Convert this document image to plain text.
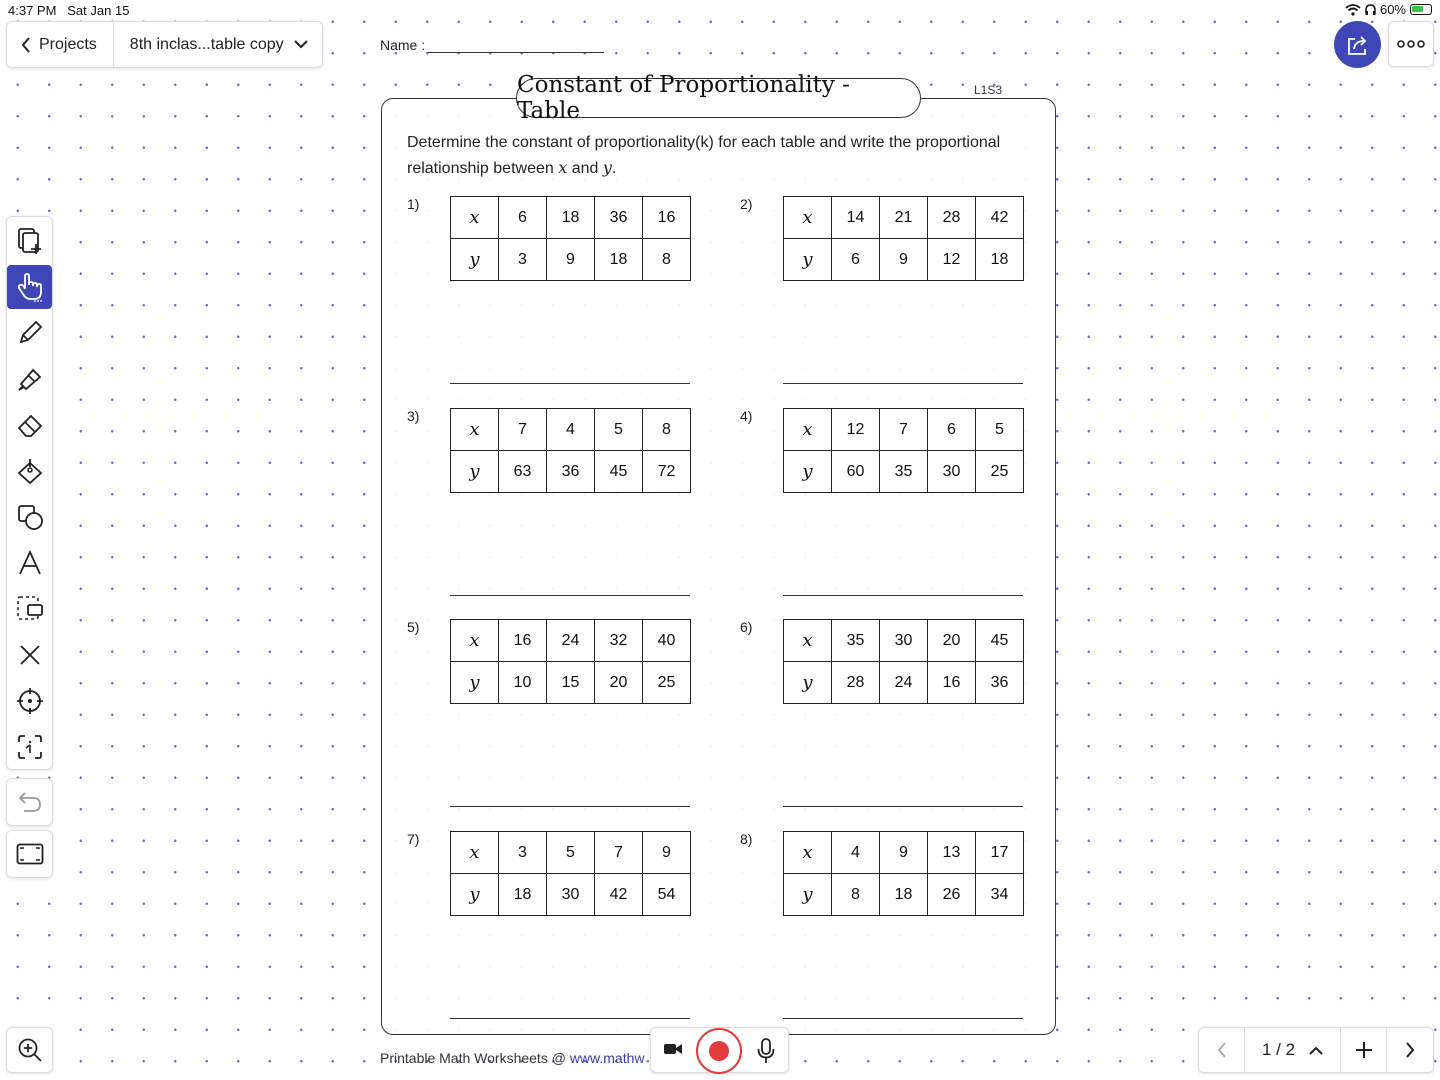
4:37 PM Sat Jan 15	60%
Projects 8th inclas...table copy	Name :
Constant of Proportionality - Table
L1S3
Determine the constant of proportionality(k) for each table and write the proportional relationship between x and y.
1)
x	6	18	36	16
y	3	9	18	8
2)
x	14	21	28	42
y	6	9	12	18
3)
x	7	4	5	8
y	63	36	45	72
4)
x	12	7	6	5
y	60	35	30	25
5)
x	16	24	32	40
y	10	15	20	25
6)
x	35	30	20	45
y	28	24	16	36
7)
x	3	5	7	9
y	18	30	42	54
8)
x	4	9	13	17
y	8	18	26	34
Printable Math Worksheets @ www.mathw	1 / 2
